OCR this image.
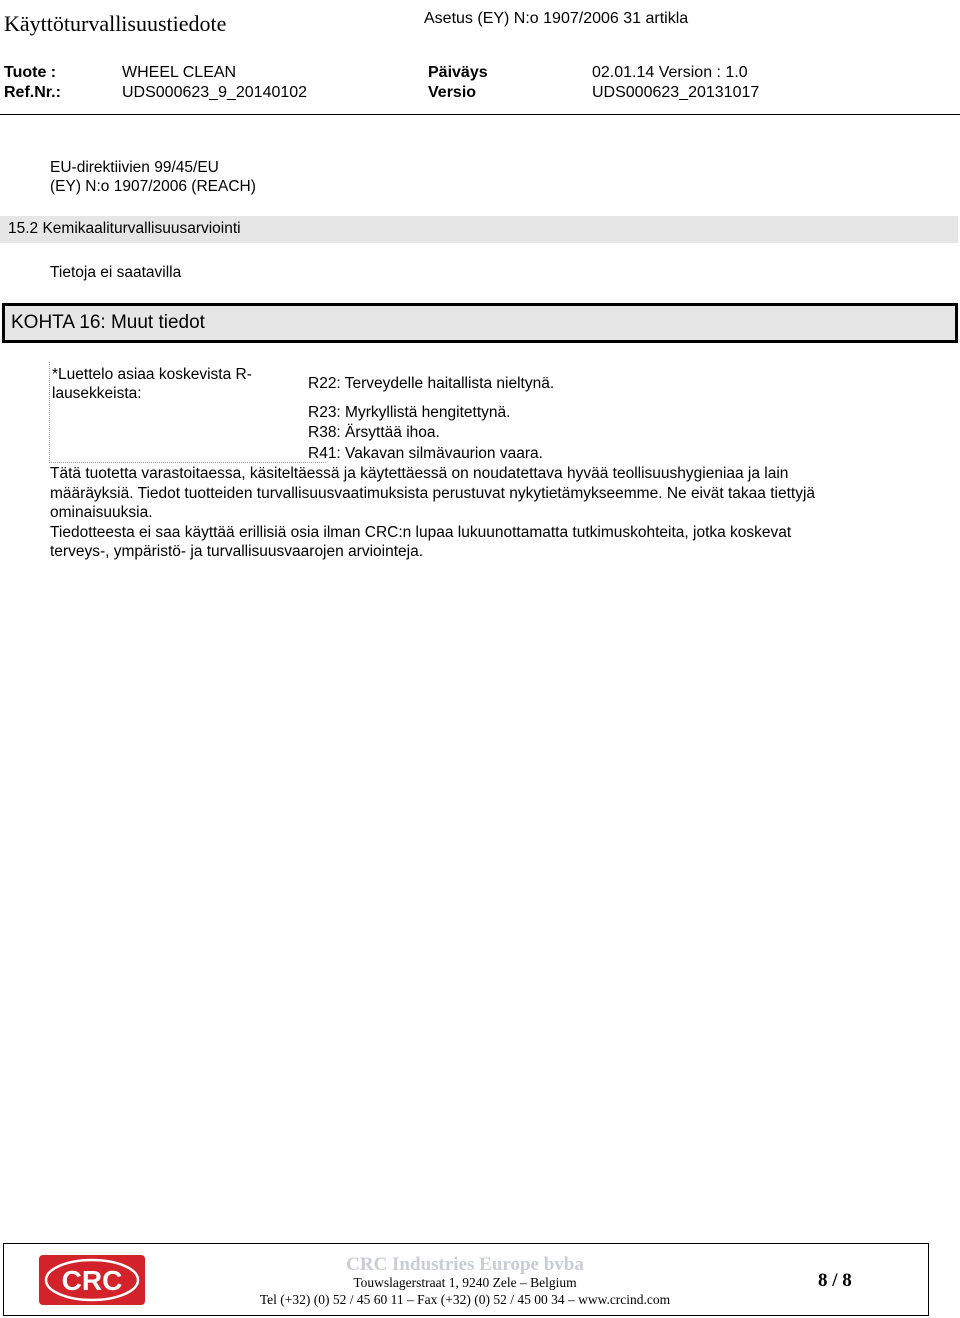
Käyttöturvallisuustiedote	Asetus (EY) N:o 1907/2006 31 artikla
Tuote :	WHEEL CLEAN	Päiväys	02.01.14 Version : 1.0
Ref.Nr.:	UDS000623_9_20140102	Versio	UDS000623_20131017
EU-direktiivien 99/45/EU
(EY) N:o 1907/2006 (REACH)
15.2 Kemikaaliturvallisuusarviointi
Tietoja ei saatavilla
KOHTA 16: Muut tiedot
*Luettelo asiaa koskevista R-
lausekkeista:
R22: Terveydelle haitallista nieltynä.
R23: Myrkyllistä hengitettynä.
R38: Ärsyttää ihoa.
R41: Vakavan silmävaurion vaara.
Tätä tuotetta varastoitaessa, käsiteltäessä ja käytettäessä on noudatettava hyvää teollisuushygieniaa ja lain
määräyksiä. Tiedot tuotteiden turvallisuusvaatimuksista perustuvat nykytietämykseemme. Ne eivät takaa tiettyjä
ominaisuuksia.
Tiedotteesta ei saa käyttää erillisiä osia ilman CRC:n lupaa lukuunottamatta tutkimuskohteita, jotka koskevat
terveys-, ympäristö- ja turvallisuusvaarojen arviointeja.
CRC
CRC Industries Europe bvba
Touwslagerstraat 1, 9240 Zele – Belgium
Tel (+32) (0) 52 / 45 60 11 – Fax (+32) (0) 52 / 45 00 34 – www.crcind.com
8 / 8
